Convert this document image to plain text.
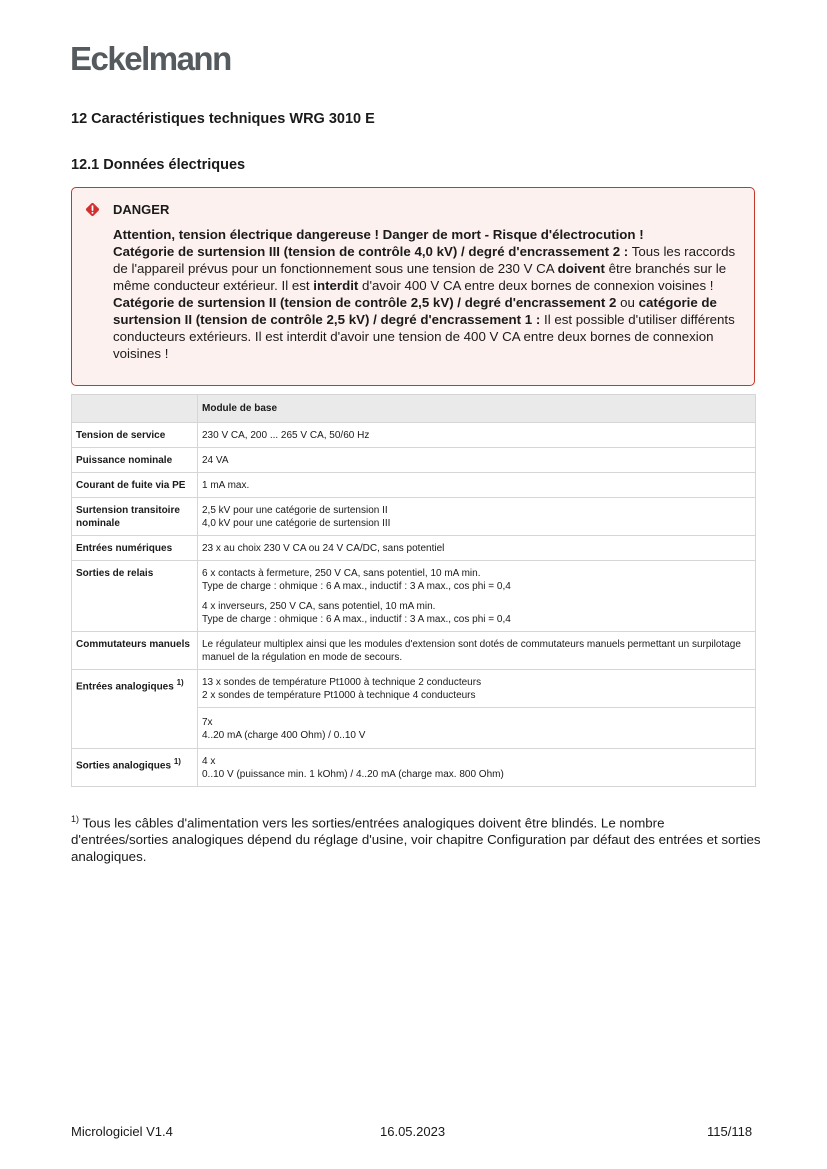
Eckelmann
12 Caractéristiques techniques WRG 3010 E
12.1 Données électriques
DANGER

Attention, tension électrique dangereuse ! Danger de mort - Risque d'électrocution !

Catégorie de surtension III (tension de contrôle 4,0 kV) / degré d'encrassement 2 : Tous les raccords de l'appareil prévus pour un fonctionnement sous une tension de 230 V CA doivent être branchés sur le même conducteur extérieur. Il est interdit d'avoir 400 V CA entre deux bornes de connexion voisines !

Catégorie de surtension II (tension de contrôle 2,5 kV) / degré d'encrassement 2 ou catégorie de surtension II (tension de contrôle 2,5 kV) / degré d'encrassement 1 : Il est possible d'utiliser différents conducteurs extérieurs. Il est interdit d'avoir une tension de 400 V CA entre deux bornes de connexion voisines !

	Module de base
Tension de service	230 V CA, 200 ... 265 V CA, 50/60 Hz
Puissance nominale	24 VA
Courant de fuite via PE	1 mA max.
Surtension transitoire nominale	2,5 kV pour une catégorie de surtension II
4,0 kV pour une catégorie de surtension III

Entrées numériques	23 x au choix 230 V CA ou 24 V CA/DC, sans potentiel
Sorties de relais	6 x contacts à fermeture, 250 V CA, sans potentiel, 10 mA min.
Type de charge : ohmique : 6 A max., inductif : 3 A max., cos phi = 0,4
4 x inverseurs, 250 V CA, sans potentiel, 10 mA min.
Type de charge : ohmique : 6 A max., inductif : 3 A max., cos phi = 0,4

Commutateurs manuels	Le régulateur multiplex ainsi que les modules d'extension sont dotés de commutateurs manuels permettant un surpilotage manuel de la régulation en mode de secours.
Entrées analogiques $^{1)}$	13 x sondes de température Pt1000 à technique 2 conducteurs
2 x sondes de température Pt1000 à technique 4 conducteurs

	7x
4..20 mA (charge 400 Ohm) / 0..10 V

Sorties analogiques $^{1)}$	4 x
0..10 V (puissance min. 1 kOhm) / 4..20 mA (charge max. 800 Ohm)
$^{1)}$ Tous les câbles d'alimentation vers les sorties/entrées analogiques doivent être blindés. Le nombre d'entrées/sorties analogiques dépend du réglage d'usine, voir chapitre Configuration par défaut des entrées et sorties analogiques.
Micrologiciel V1.4	16.05.2023	115/118
